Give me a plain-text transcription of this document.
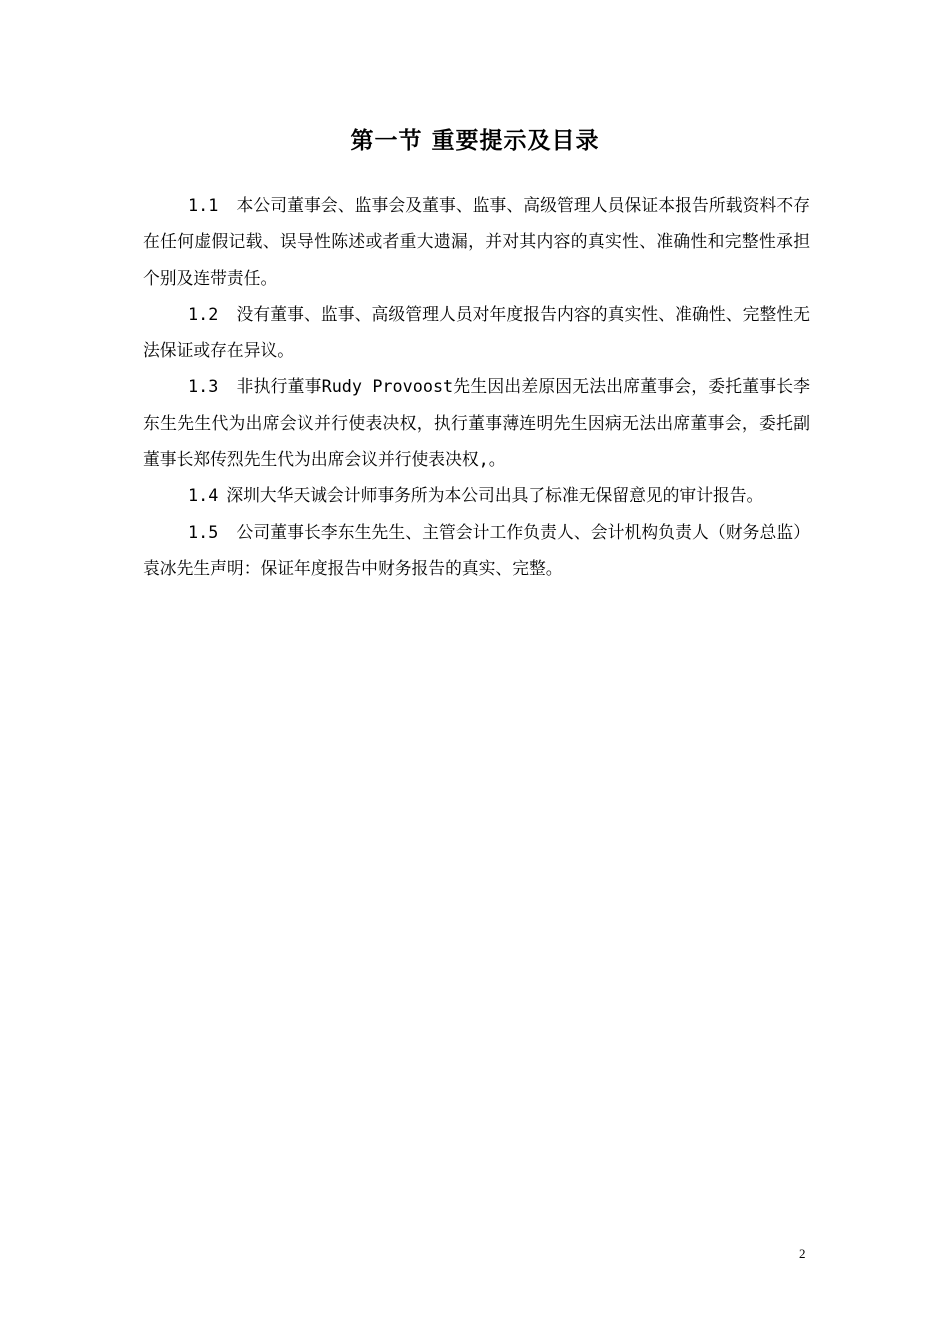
第一节 重要提示及目录

1.1 本公司董事会、监事会及董事、监事、高级管理人员保证本报告所载资料不存在任何虚假记载、误导性陈述或者重大遗漏，并对其内容的真实性、准确性和完整性承担个别及连带责任。

1.2 没有董事、监事、高级管理人员对年度报告内容的真实性、准确性、完整性无法保证或存在异议。

1.3 非执行董事Rudy Provoost先生因出差原因无法出席董事会，委托董事长李东生先生代为出席会议并行使表决权，执行董事薄连明先生因病无法出席董事会，委托副董事长郑传烈先生代为出席会议并行使表决权,。

1.4 深圳大华天诚会计师事务所为本公司出具了标准无保留意见的审计报告。

1.5 公司董事长李东生先生、主管会计工作负责人、会计机构负责人（财务总监）袁冰先生声明：保证年度报告中财务报告的真实、完整。

2
